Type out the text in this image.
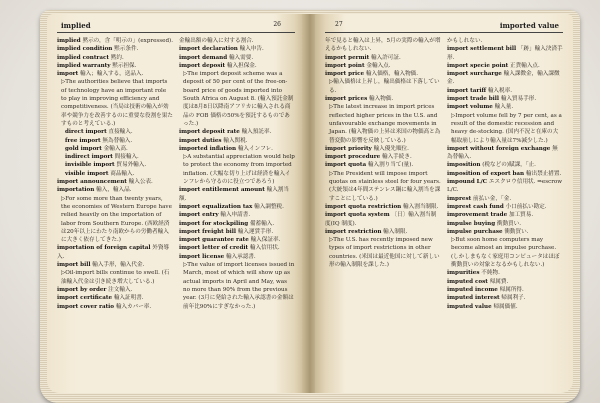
implied	26

implied 黙示の，含「明示の」(expressed).

implied condition 黙示条件.

implied contract 黙約.

implied warranty 黙示担保.

import 輸入；輸入する，送品入.

▷The authorities believe that imports of technology have an important role to play in improving efficiency and competitiveness. (当局は技術の輸入が効率や競争力を改善するのに重要な役割を果たすものと考えている.)

direct import 直接輸入.

free import 無為替輸入.

gold import 金輸入高.

indirect import 間接輸入.

invisible import 貿易外輸入.

visible import 商品輸入.

import announcement 輸入公表.

importation 輸入，輸入品.

▷For some more than twenty years, the economies of Western Europe have relied heavily on the importation of labor from Southern Europe. (西欧経済は20年以上にわたり南欧からの労働者輸入に大きく依存してきた.)

importation of foreign capital 外資導入.

import bill 輸入手形，輸入代金.

▷Oil-import bills continue to swell. (石油輸入代金は引き続き増大している.)

import by order 注文輸入.

import certificate 輸入証明書.

import cover ratio 輸入カバー率.

金輸出額の輸入に対する割合.

import declaration 輸入申告.

import demand 輸入需要.

import deposit 輸入担保金.

▷The import deposit scheme was a deposit of 50 per cent of the free-on-board price of goods imported into South Africa on August 8. (輸入預託金制度は8月8日以降南アフリカに輸入される商品の FOB 価格の50%を預託するものであった.)

import deposit rate 輸入預託率.

import duties 輸入関税.

imported inflation 輸入インフレ.

▷A substantial appreciation would help to protect the economy from imported inflation. (大幅な切り上げは経済を輸入インフレから守るのに役立つであろう)

import entitlement amount 輸入割当額.

import equalization tax 輸入調整税.

import entry 輸入申請書.

import for stockpiling 備蓄輸入.

import freight bill 輸入運賃手形.

import guarantee rate 輸入保証率.

import letter of credit 輸入信用状.

import license 輸入承認書.

▷The value of import licenses issued in March, most of which will show up as actual imports in April and May, was no more than 90% from the previous year. (3月に発給された輸入承認書の金額は前年比90%にすぎなかった.)

27	imported value

年で見ると輸入は上昇，5月の実際の輸入が増えるかもしれない.

import permit 輸入許可証.

import point 金輸入点.

import price 輸入価格，輸入物価.

▷輸入価格は上昇し，輸出価格は下落している.

import prices 輸入物価.

▷The latest increase in import prices reflected higher prices in the U.S. and unfavourable exchange movements in Japan. (輸入物価の上昇は米国の物価高と為替変動の影響を反映している.)

import priority 輸入優先順位.

import procedure 輸入手続き.

import quota 輸入割り当て(量).

▷The President will impose import quotas on stainless steel for four years. (大統領は4年間ステンレス鋼に輸入割当を課すことにしている.)

import quota restriction 輸入割当制限.

import quota system 〔日〕輸入割当制度(IQ 制度).

import restriction 輸入制限.

▷The U.S. has recently imposed new types of import restrictions in other countries. (米国は最近他国に対して新しい形の輸入制限を課した.)

かもしれない.

import settlement bill 「跡」輸入決済手形.

import specie point 正貨輸入点.

import surcharge 輸入課徴金，輸入課徴金.

import tariff 輸入税率.

import trade bill 輸入貿易手形.

import volume 輸入量.

▷Import volume fell by 7 per cent, as a result of the domestic recession and heavy de-stocking. (国内不況と在庫の大幅取崩しにより輸入量は7%減少した.)

import without foreign exchange 無為替輸入.

imposition (税などの)賦課，「止.

imposition of export ban 輸出禁止措置.

impound L/C エスクロウ信用状. ⇒escrow L/C.

imprest 前払い金，「金.

imprest cash fund 小口前払い勘定.

improvement trade 加工貿易.

impulse buying 衝動買い.

impulse purchase 衝動買い.

▷But soon home computers may become almost an impulse purchase. (しかしまもなく家庭用コンピュータはほぼ衝動買いの対象となるかもしれない.)

impurities 不純物.

imputed cost 帰属費.

imputed income 帰属所得.

imputed interest 帰属利子.

imputed value 帰属価値.
